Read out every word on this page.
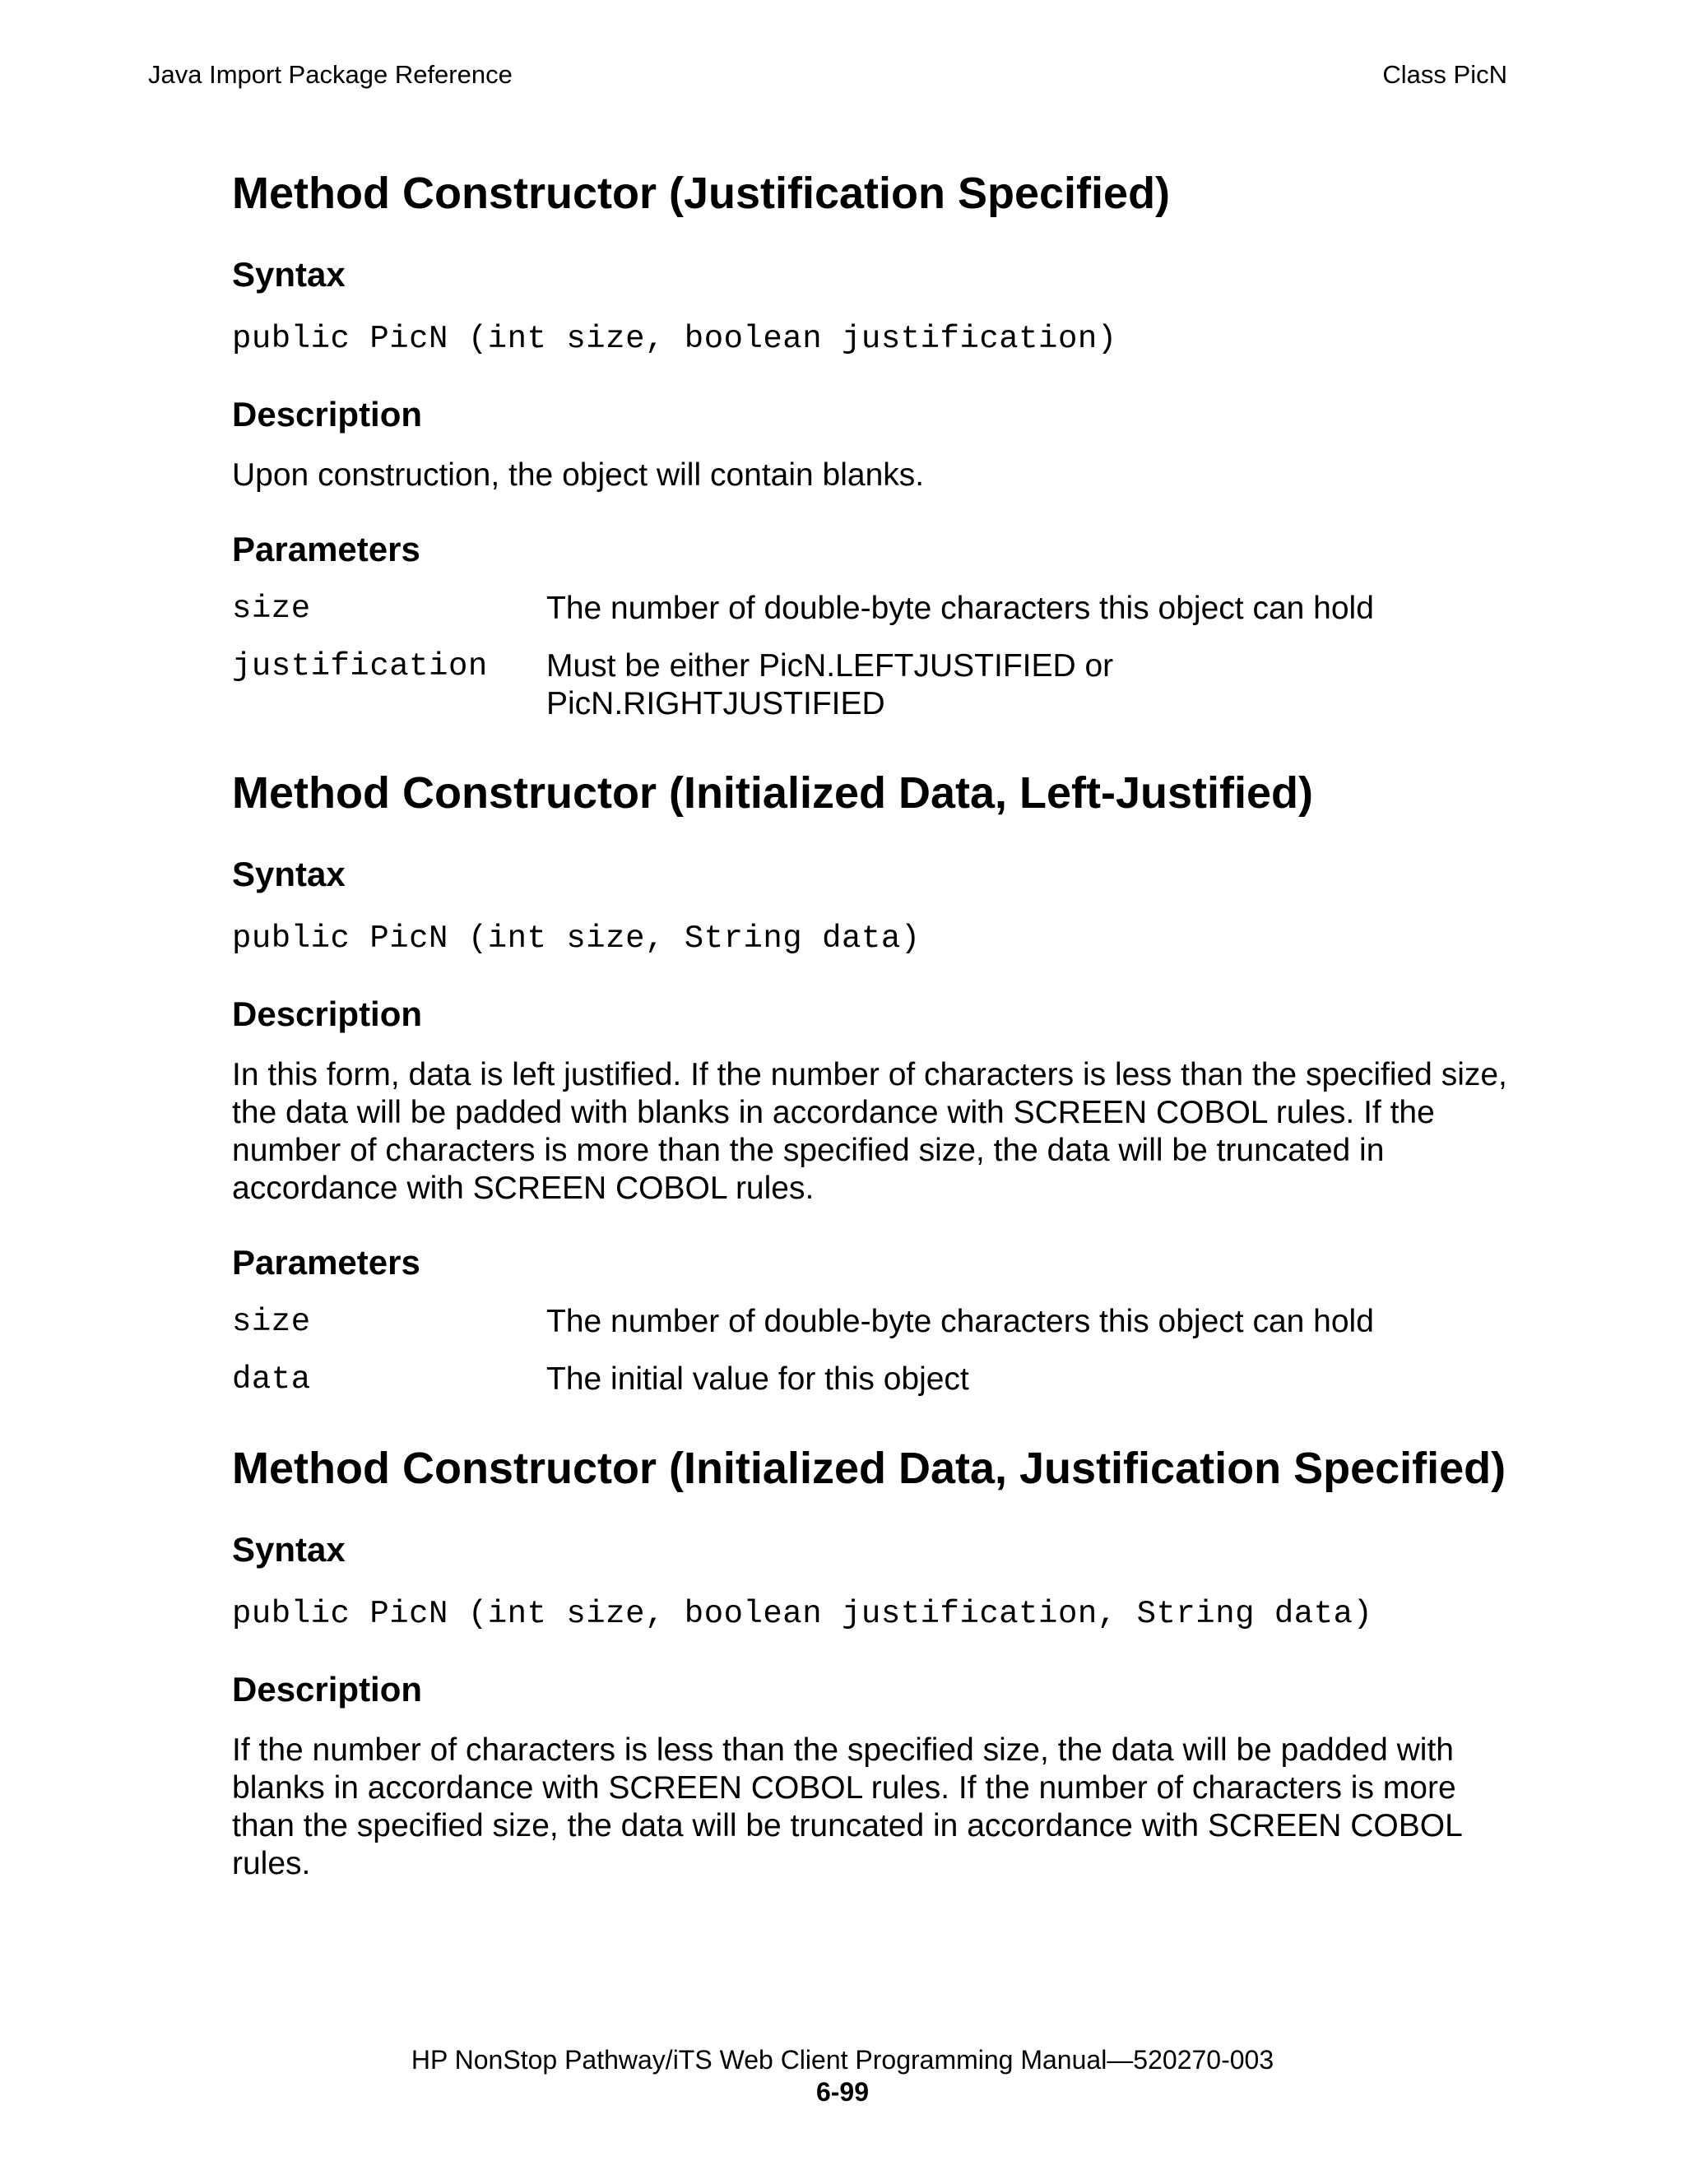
Java Import Package Reference	Class PicN
Method Constructor (Justification Specified)
Syntax
public PicN (int size, boolean justification)
Description

Upon construction, the object will contain blanks.

Parameters
size	The number of double-byte characters this object can hold
justification	Must be either PicN.LEFTJUSTIFIED or PicN.RIGHTJUSTIFIED
Method Constructor (Initialized Data, Left-Justified)
Syntax
public PicN (int size, String data)
Description

In this form, data is left justified. If the number of characters is less than the specified size, the data will be padded with blanks in accordance with SCREEN COBOL rules. If the number of characters is more than the specified size, the data will be truncated in accordance with SCREEN COBOL rules.

Parameters
size	The number of double-byte characters this object can hold
data	The initial value for this object
Method Constructor (Initialized Data, Justification Specified)
Syntax
public PicN (int size, boolean justification, String data)
Description

If the number of characters is less than the specified size, the data will be padded with blanks in accordance with SCREEN COBOL rules. If the number of characters is more than the specified size, the data will be truncated in accordance with SCREEN COBOL rules.

HP NonStop Pathway/iTS Web Client Programming Manual—520270-003
6-99
